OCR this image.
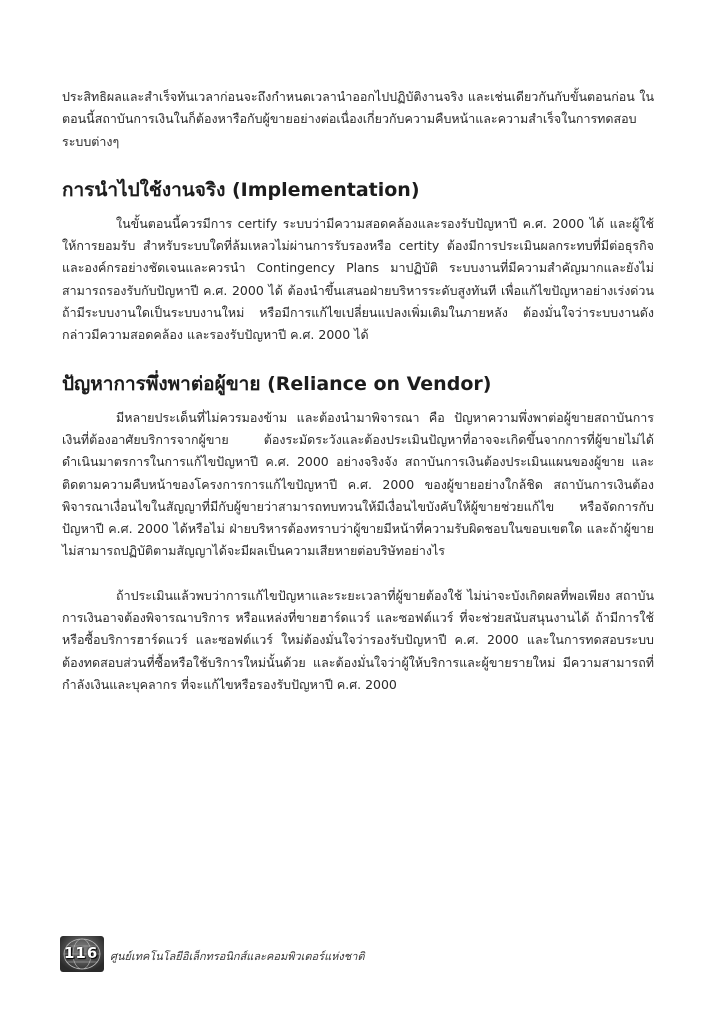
ประสิทธิผลและสำเร็จทันเวลาก่อนจะถึงกำหนดเวลานำออกไปปฏิบัติงานจริง และเช่นเดียวกันกับขั้นตอนก่อน ในตอนนี้สถาบันการเงินในก็ต้องหารือกับผู้ขายอย่างต่อเนื่องเกี่ยวกับความคืบหน้าและความสำเร็จในการทดสอบระบบต่างๆ

การนำไปใช้งานจริง (Implementation)

ในขั้นตอนนี้ควรมีการ certify ระบบว่ามีความสอดคล้องและรองรับปัญหาปี ค.ศ. 2000 ได้ และผู้ใช้ให้การยอมรับ สำหรับระบบใดที่ล้มเหลวไม่ผ่านการรับรองหรือ certity ต้องมีการประเมินผลกระทบที่มีต่อธุรกิจ และองค์กรอย่างชัดเจนและควรนำ Contingency Plans มาปฏิบัติ ระบบงานที่มีความสำคัญมากและยังไม่สามารถรองรับกับปัญหาปี ค.ศ. 2000 ได้ ต้องนำขึ้นเสนอฝ่ายบริหารระดับสูงทันที เพื่อแก้ไขปัญหาอย่างเร่งด่วน ถ้ามีระบบงานใดเป็นระบบงานใหม่ หรือมีการแก้ไขเปลี่ยนแปลงเพิ่มเติมในภายหลัง ต้องมั่นใจว่าระบบงานดังกล่าวมีความสอดคล้อง และรองรับปัญหาปี ค.ศ. 2000 ได้

ปัญหาการพึ่งพาต่อผู้ขาย (Reliance on Vendor)

มีหลายประเด็นที่ไม่ควรมองข้าม และต้องนำมาพิจารณา คือ ปัญหาความพึ่งพาต่อผู้ขายสถาบันการเงินที่ต้องอาศัยบริการจากผู้ขาย ต้องระมัดระวังและต้องประเมินปัญหาที่อาจจะเกิดขึ้นจากการที่ผู้ขายไม่ได้ดำเนินมาตรการในการแก้ไขปัญหาปี ค.ศ. 2000 อย่างจริงจัง สถาบันการเงินต้องประเมินแผนของผู้ขาย และติดตามความคืบหน้าของโครงการการแก้ไขปัญหาปี ค.ศ. 2000 ของผู้ขายอย่างใกล้ชิด สถาบันการเงินต้องพิจารณาเงื่อนไขในสัญญาที่มีกับผู้ขายว่าสามารถทบทวนให้มีเงื่อนไขบังคับให้ผู้ขายช่วยแก้ไข หรือจัดการกับปัญหาปี ค.ศ. 2000 ได้หรือไม่ ฝ่ายบริหารต้องทราบว่าผู้ขายมีหน้าที่ความรับผิดชอบในขอบเขตใด และถ้าผู้ขายไม่สามารถปฏิบัติตามสัญญาได้จะมีผลเป็นความเสียหายต่อบริษัทอย่างไร

ถ้าประเมินแล้วพบว่าการแก้ไขปัญหาและระยะเวลาที่ผู้ขายต้องใช้ ไม่น่าจะบังเกิดผลที่พอเพียง สถาบันการเงินอาจต้องพิจารณาบริการ หรือแหล่งที่ขายฮาร์ดแวร์ และซอฟต์แวร์ ที่จะช่วยสนับสนุนงานได้ ถ้ามีการใช้หรือซื้อบริการฮาร์ดแวร์ และซอฟต์แวร์ ใหม่ต้องมั่นใจว่ารองรับปัญหาปี ค.ศ. 2000 และในการทดสอบระบบต้องทดสอบส่วนที่ซื้อหรือใช้บริการใหม่นั้นด้วย และต้องมั่นใจว่าผู้ให้บริการและผู้ขายรายใหม่ มีความสามารถที่กำลังเงินและบุคลากร ที่จะแก้ไขหรือรองรับปัญหาปี ค.ศ. 2000

116 ศูนย์เทคโนโลยีอิเล็กทรอนิกส์และคอมพิวเตอร์แห่งชาติ
